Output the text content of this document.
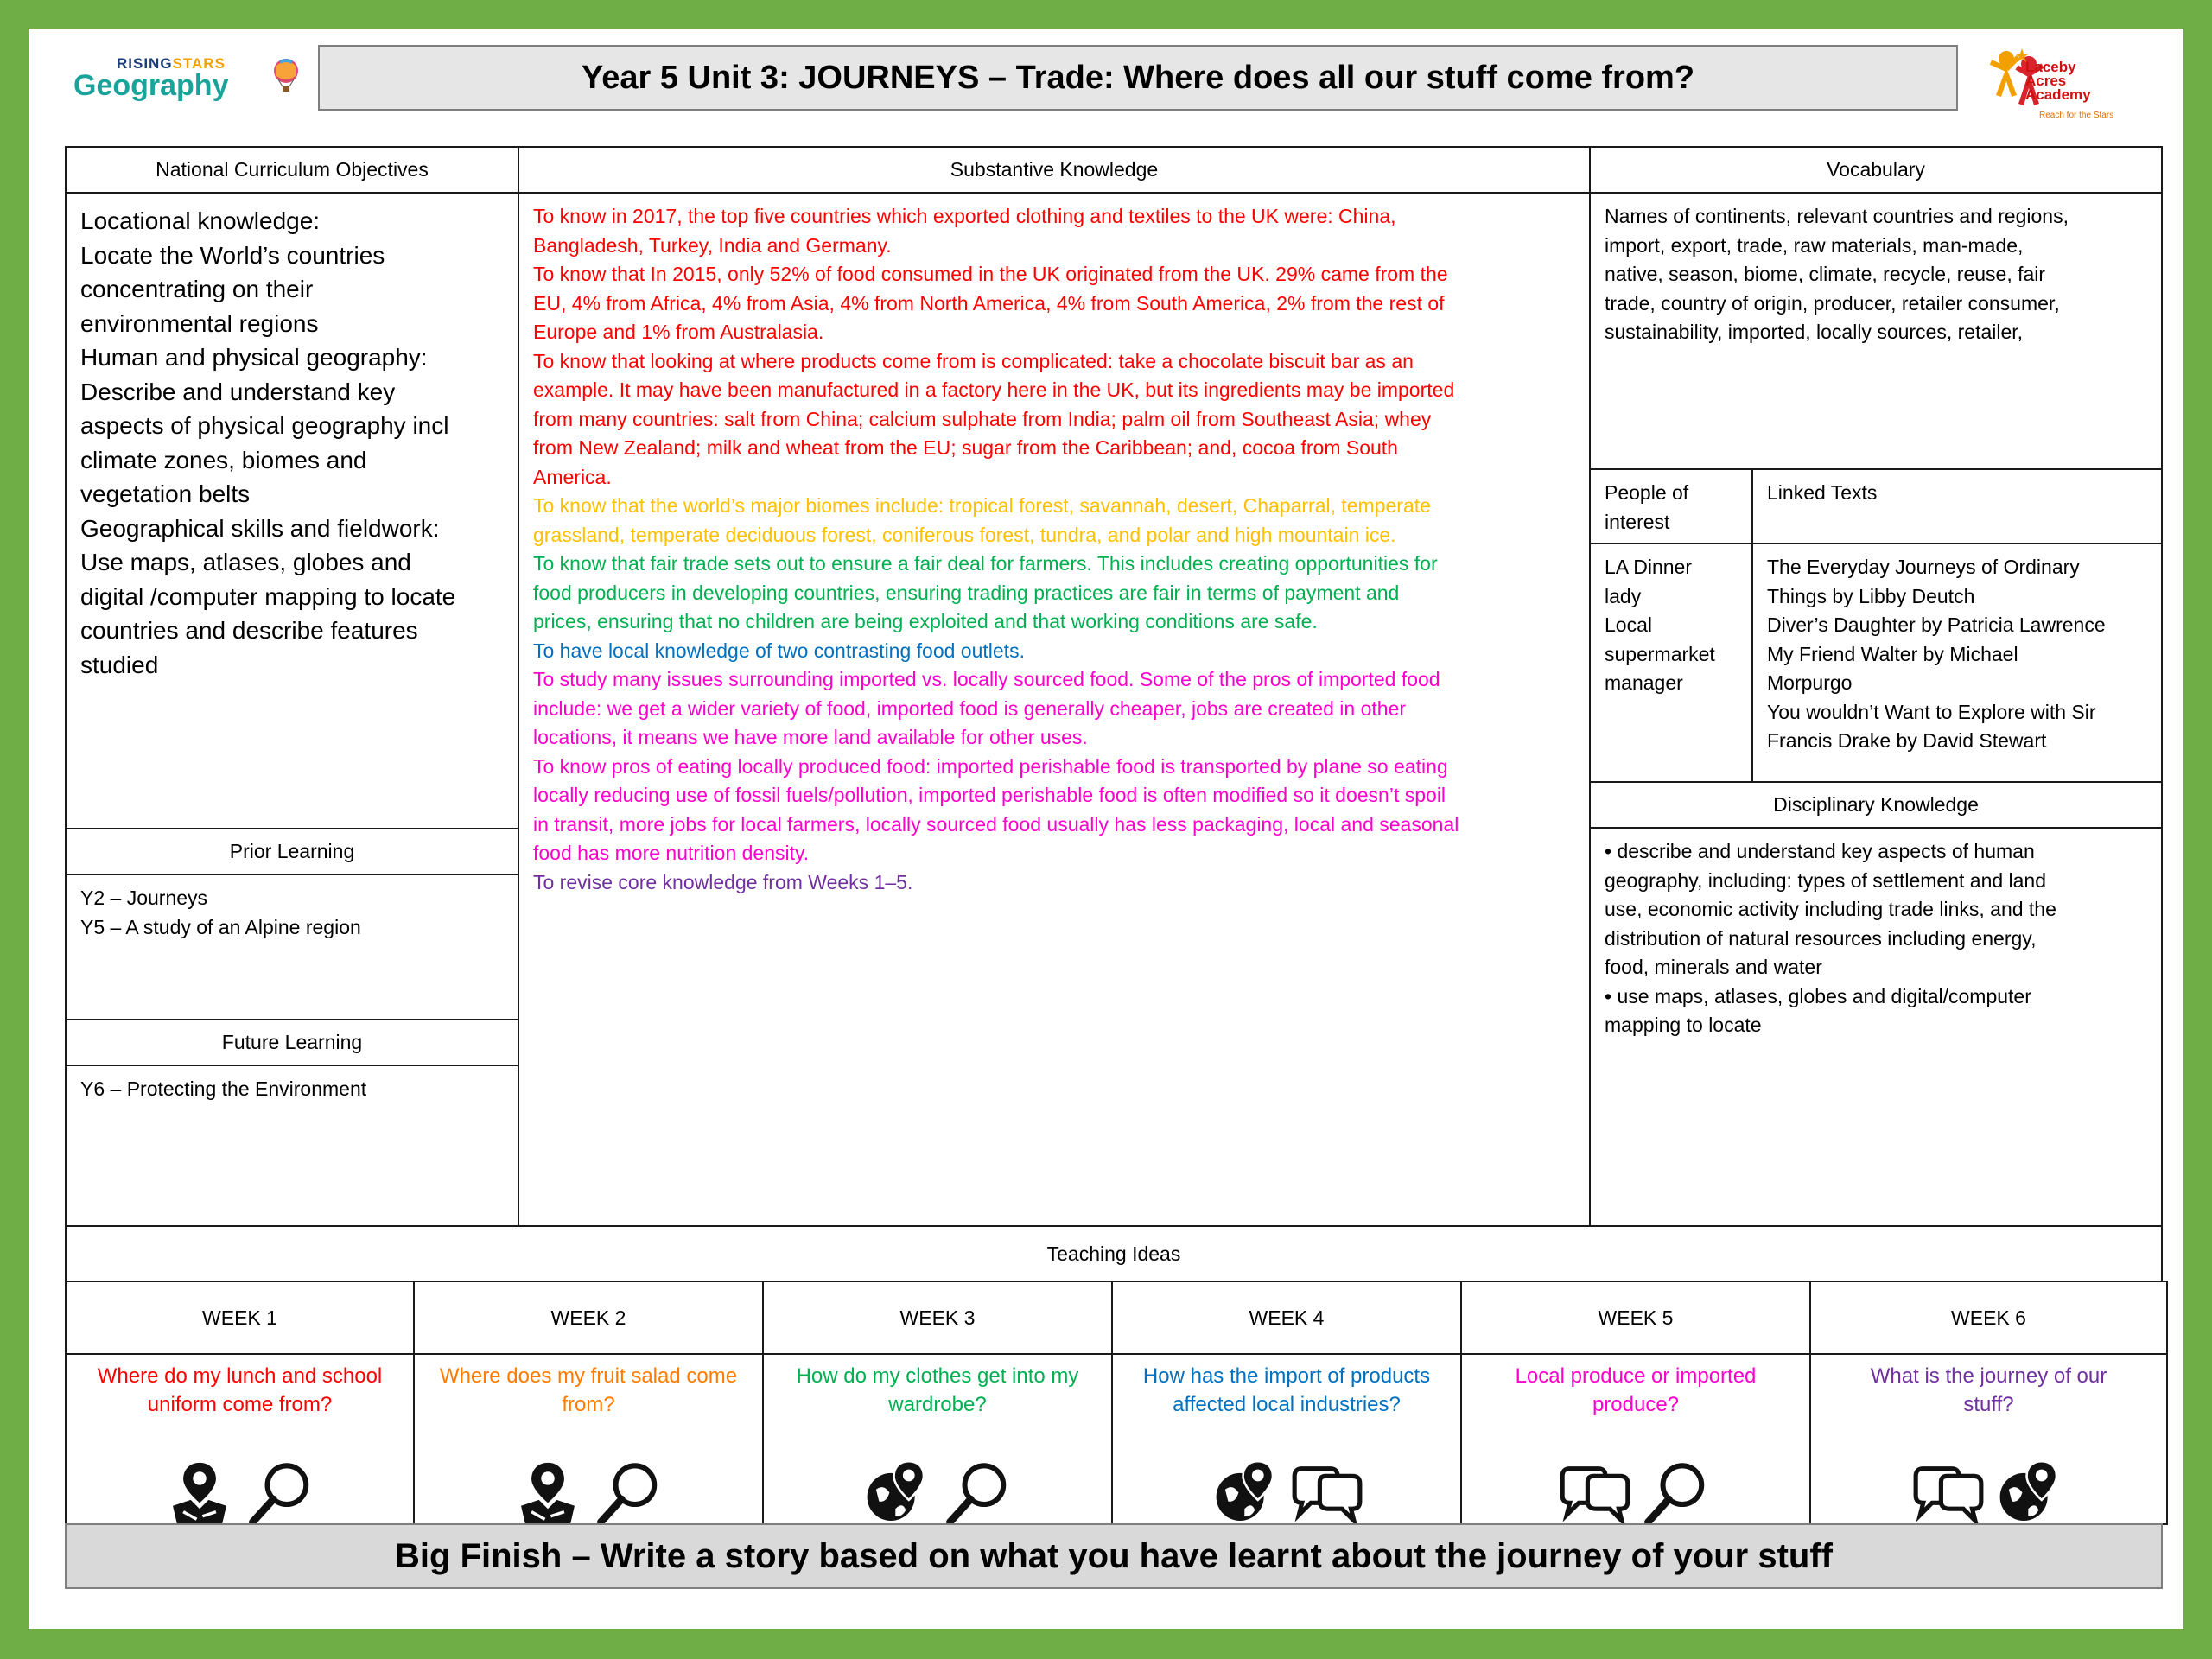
RISINGSTARS
Geography	Year 5 Unit 3: JOURNEYS – Trade: Where does all our stuff come from?	Laceby
Acres
Academy
Reach for the Stars
National Curriculum Objectives
Locational knowledge:
Locate the World’s countries
concentrating on their
environmental regions
Human and physical geography:
Describe and understand key
aspects of physical geography incl
climate zones, biomes and
vegetation belts
Geographical skills and fieldwork:
Use maps, atlases, globes and
digital /computer mapping to locate
countries and describe features
studied
Prior Learning
Y2 – Journeys
Y5 – A study of an Alpine region
Future Learning
Y6 – Protecting the Environment
Substantive Knowledge

To know in 2017, the top five countries which exported clothing and textiles to the UK were: China,

Bangladesh, Turkey, India and Germany.

To know that In 2015, only 52% of food consumed in the UK originated from the UK. 29% came from the

EU, 4% from Africa, 4% from Asia, 4% from North America, 4% from South America, 2% from the rest of

Europe and 1% from Australasia.

To know that looking at where products come from is complicated: take a chocolate biscuit bar as an

example. It may have been manufactured in a factory here in the UK, but its ingredients may be imported

from many countries: salt from China; calcium sulphate from India; palm oil from Southeast Asia; whey

from New Zealand; milk and wheat from the EU; sugar from the Caribbean; and, cocoa from South

America.

To know that the world’s major biomes include: tropical forest, savannah, desert, Chaparral, temperate

grassland, temperate deciduous forest, coniferous forest, tundra, and polar and high mountain ice.

To know that fair trade sets out to ensure a fair deal for farmers. This includes creating opportunities for

food producers in developing countries, ensuring trading practices are fair in terms of payment and

prices, ensuring that no children are being exploited and that working conditions are safe.

To have local knowledge of two contrasting food outlets.

To study many issues surrounding imported vs. locally sourced food. Some of the pros of imported food

include: we get a wider variety of food, imported food is generally cheaper, jobs are created in other

locations, it means we have more land available for other uses.

To know pros of eating locally produced food: imported perishable food is transported by plane so eating

locally reducing use of fossil fuels/pollution, imported perishable food is often modified so it doesn’t spoil

in transit, more jobs for local farmers, locally sourced food usually has less packaging, local and seasonal

food has more nutrition density.

To revise core knowledge from Weeks 1–5.

Vocabulary
Names of continents, relevant countries and regions,
import, export, trade, raw materials, man-made,
native, season, biome, climate, recycle, reuse, fair
trade, country of origin, producer, retailer consumer,
sustainability, imported, locally sources, retailer,
People of
interest
Linked Texts
LA Dinner
lady
Local
supermarket
manager
The Everyday Journeys of Ordinary
Things by Libby Deutch
Diver’s Daughter by Patricia Lawrence
My Friend Walter by Michael
Morpurgo
You wouldn’t Want to Explore with Sir
Francis Drake by David Stewart
Disciplinary Knowledge
• describe and understand key aspects of human
geography, including: types of settlement and land
use, economic activity including trade links, and the
distribution of natural resources including energy,
food, minerals and water
• use maps, atlases, globes and digital/computer
mapping to locate
Teaching Ideas
WEEK 1
Where do my lunch and school
uniform come from?
WEEK 2
Where does my fruit salad come
from?
WEEK 3
How do my clothes get into my
wardrobe?
WEEK 4
How has the import of products
affected local industries?
WEEK 5
Local produce or imported
produce?
WEEK 6
What is the journey of our
stuff?
Big Finish – Write a story based on what you have learnt about the journey of your stuff
